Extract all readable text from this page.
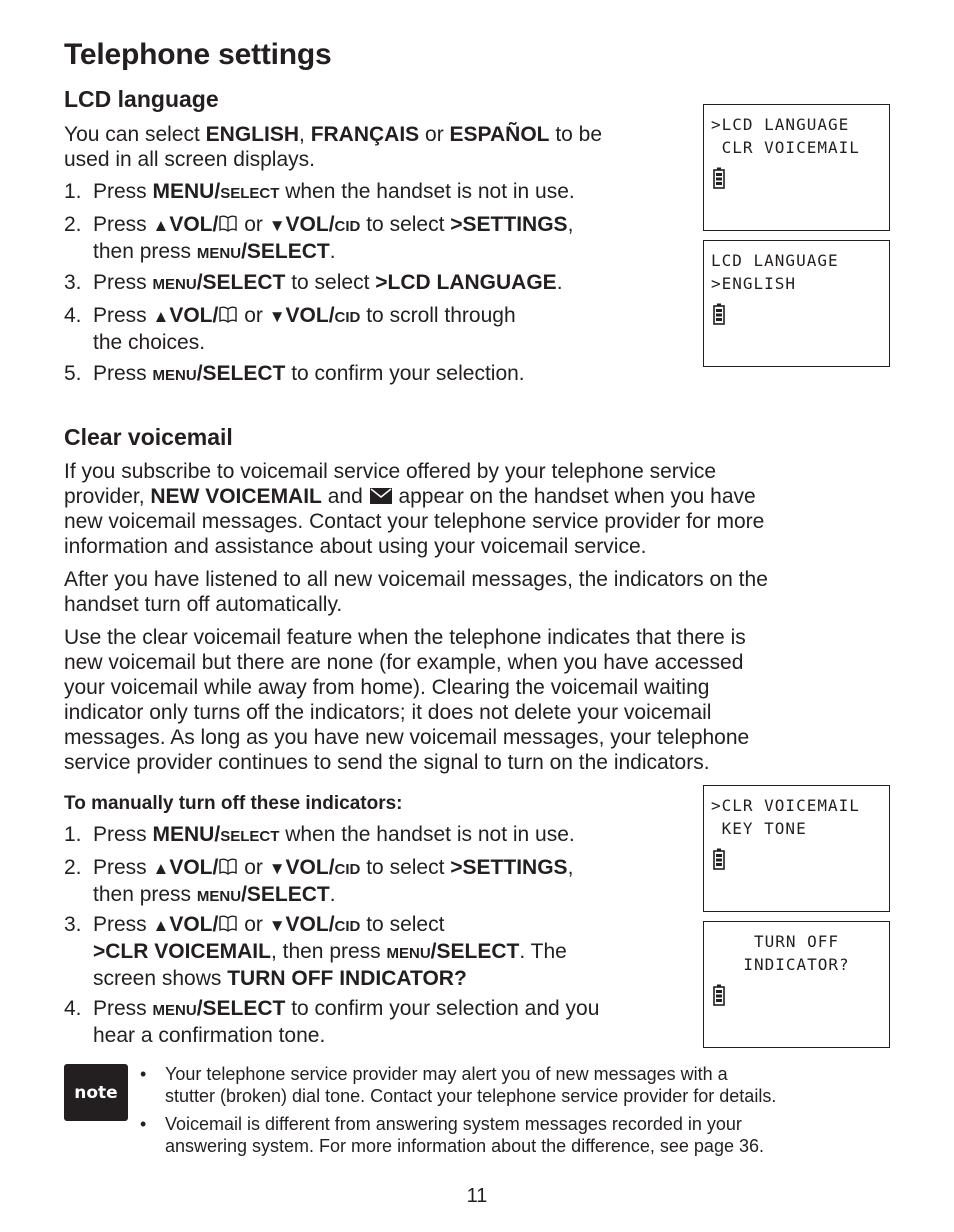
Telephone settings
LCD language

You can select ENGLISH, FRANÇAIS or ESPAÑOL to be
used in all screen displays.

1. Press MENU/SELECT when the handset is not in use.

2. Press ▲VOL/ or ▼VOL/CID to select >SETTINGS,
then press MENU/SELECT.

3. Press MENU/SELECT to select >LCD LANGUAGE.

4. Press ▲VOL/ or ▼VOL/CID to scroll through
the choices.

5. Press MENU/SELECT to confirm your selection.

>LCD LANGUAGE
CLR VOICEMAIL
LCD LANGUAGE
>ENGLISH
Clear voicemail

If you subscribe to voicemail service offered by your telephone service
provider, NEW VOICEMAIL and  appear on the handset when you have
new voicemail messages. Contact your telephone service provider for more
information and assistance about using your voicemail service.

After you have listened to all new voicemail messages, the indicators on the
handset turn off automatically.

Use the clear voicemail feature when the telephone indicates that there is
new voicemail but there are none (for example, when you have accessed
your voicemail while away from home). Clearing the voicemail waiting
indicator only turns off the indicators; it does not delete your voicemail
messages. As long as you have new voicemail messages, your telephone
service provider continues to send the signal to turn on the indicators.

To manually turn off these indicators:

1. Press MENU/SELECT when the handset is not in use.

2. Press ▲VOL/ or ▼VOL/CID to select >SETTINGS,
then press MENU/SELECT.

3. Press ▲VOL/ or ▼VOL/CID to select
>CLR VOICEMAIL, then press MENU/SELECT. The
screen shows TURN OFF INDICATOR?

4. Press MENU/SELECT to confirm your selection and you
hear a confirmation tone.

>CLR VOICEMAIL
KEY TONE
TURN OFF
INDICATOR?
note

•	Your telephone service provider may alert you of new messages with a
stutter (broken) dial tone. Contact your telephone service provider for details.

•	Voicemail is different from answering system messages recorded in your
answering system. For more information about the difference, see page 36.

11
